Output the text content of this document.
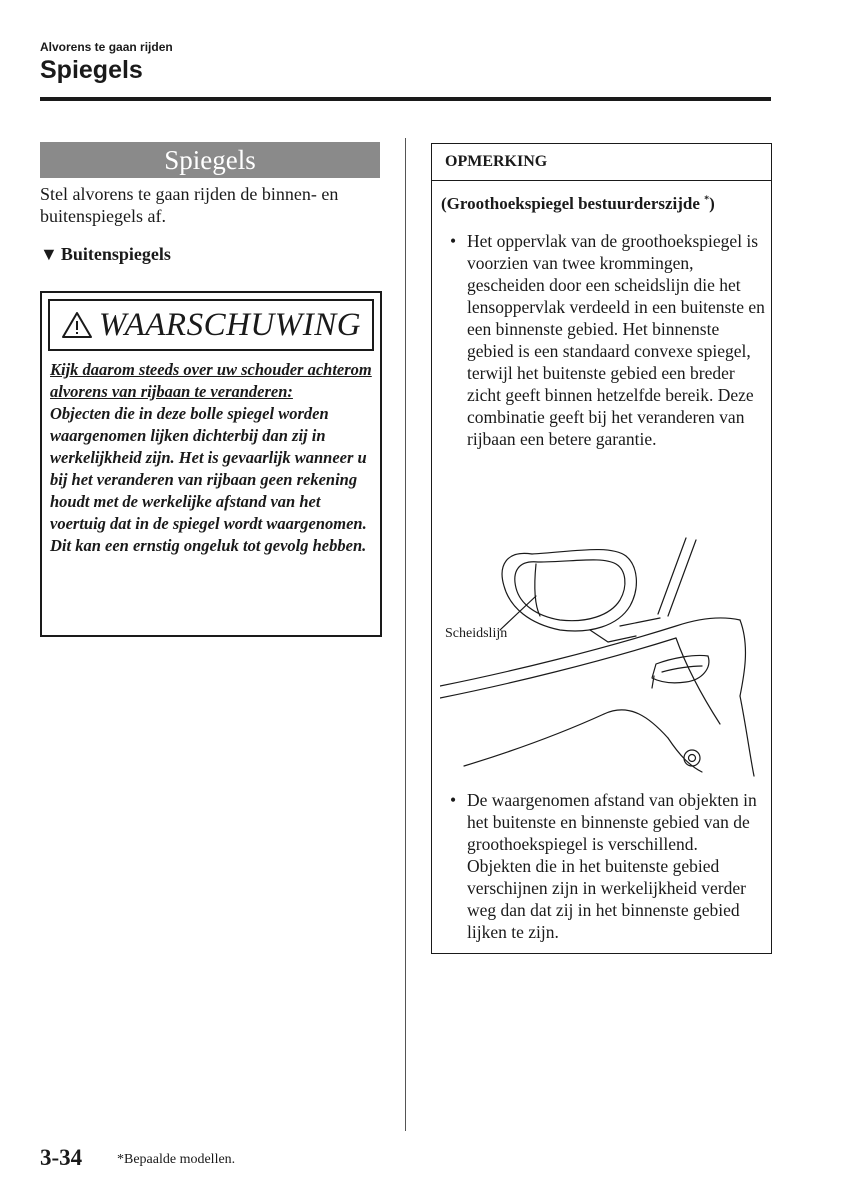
Alvorens te gaan rijden
Spiegels
Spiegels
Stel alvorens te gaan rijden de binnen- en buitenspiegels af.
▼ Buitenspiegels
WAARSCHUWING
Kijk daarom steeds over uw schouder achterom alvorens van rijbaan te veranderen:
Objecten die in deze bolle spiegel worden waargenomen lijken dichterbij dan zij in werkelijkheid zijn. Het is gevaarlijk wanneer u bij het veranderen van rijbaan geen rekening houdt met de werkelijke afstand van het voertuig dat in de spiegel wordt waargenomen. Dit kan een ernstig ongeluk tot gevolg hebben.
OPMERKING
(Groothoekspiegel bestuurderszijde *)
• Het oppervlak van de groothoekspiegel is voorzien van twee krommingen, gescheiden door een scheidslijn die het lensoppervlak verdeeld in een buitenste en een binnenste gebied. Het binnenste gebied is een standaard convexe spiegel, terwijl het buitenste gebied een breder zicht geeft binnen hetzelfde bereik. Deze combinatie geeft bij het veranderen van rijbaan een betere garantie.
Scheidslijn
• De waargenomen afstand van objekten in het buitenste en binnenste gebied van de groothoekspiegel is verschillend. Objekten die in het buitenste gebied verschijnen zijn in werkelijkheid verder weg dan dat zij in het binnenste gebied lijken te zijn.
3-34 *Bepaalde modellen.
